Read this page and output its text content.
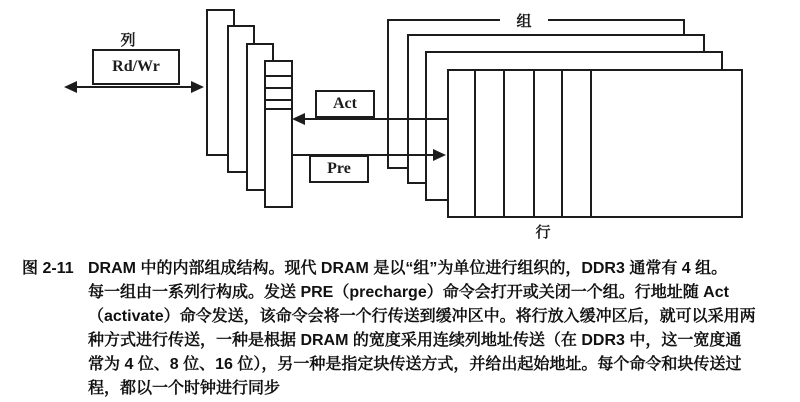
列
Rd/Wr
Act
Pre
组
行
图 2-11 DRAM 中的内部组成结构。现代 DRAM 是以“组”为单位进行组织的，DDR3 通常有 4 组。
每一组由一系列行构成。发送 PRE（precharge）命令会打开或关闭一个组。行地址随 Act
（activate）命令发送，该命令会将一个行传送到缓冲区中。将行放入缓冲区后，就可以采用两
种方式进行传送，一种是根据 DRAM 的宽度采用连续列地址传送（在 DDR3 中，这一宽度通
常为 4 位、8 位、16 位），另一种是指定块传送方式，并给出起始地址。每个命令和块传送过
程，都以一个时钟进行同步
